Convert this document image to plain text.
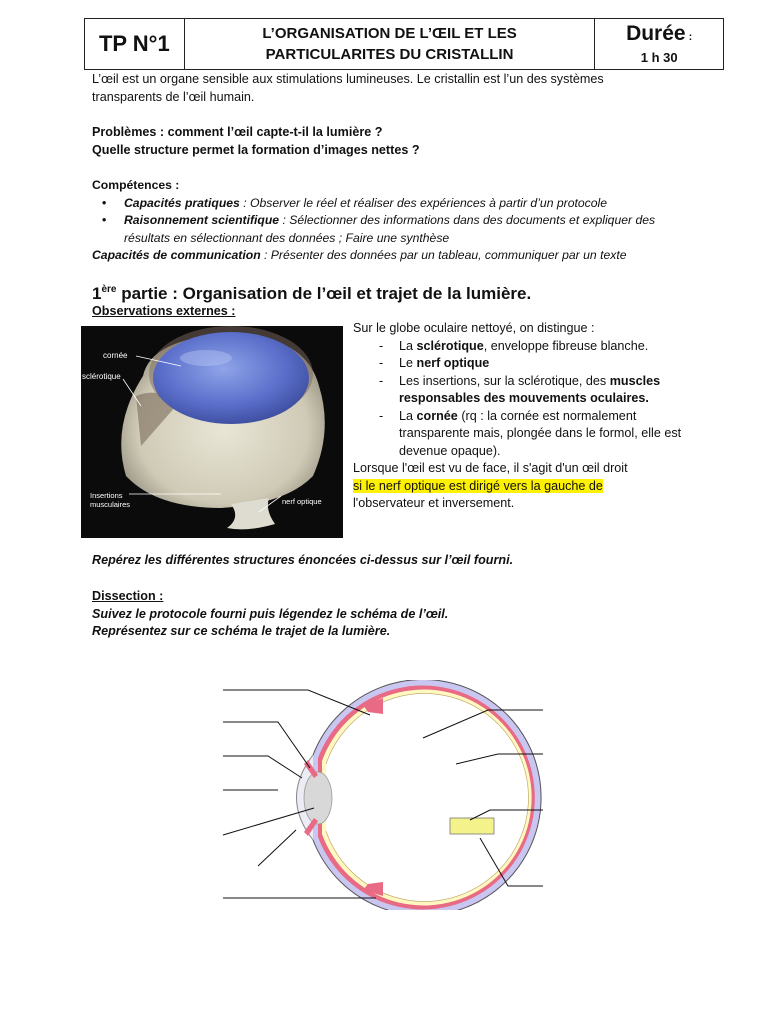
TP N°1	L’ORGANISATION DE L’ŒIL ET LES
PARTICULARITES DU CRISTALLIN
Durée :
1 h 30
L’œil est un organe sensible aux stimulations lumineuses. Le cristallin est l’un des systèmes
transparents de l’œil humain.
Problèmes : comment l’œil capte-t-il la lumière ?
Quelle structure permet la formation d’images nettes ?
Compétences :
• Capacités pratiques : Observer le réel et réaliser des expériences à partir d’un protocole
• Raisonnement scientifique : Sélectionner des informations dans des documents et expliquer des résultats en sélectionnant des données ; Faire une synthèse
Capacités de communication : Présenter des données par un tableau, communiquer par un texte
1ère partie : Organisation de l’œil et trajet de la lumière.
Observations externes :
cornée
sclérotique
Insertions
musculaires	nerf optique
Sur le globe oculaire nettoyé, on distingue :
- La sclérotique, enveloppe fibreuse blanche.
- Le nerf optique
- Les insertions, sur la sclérotique, des muscles responsables des mouvements oculaires.
- La cornée (rq : la cornée est normalement transparente mais, plongée dans le formol, elle est devenue opaque).
Lorsque l'œil est vu de face, il s'agit d'un œil droit
si le nerf optique est dirigé vers la gauche de
l'observateur et inversement.
Repérez les différentes structures énoncées ci-dessus sur l’œil fourni.
Dissection :
Suivez le protocole fourni puis légendez le schéma de l’œil.
Représentez sur ce schéma le trajet de la lumière.
